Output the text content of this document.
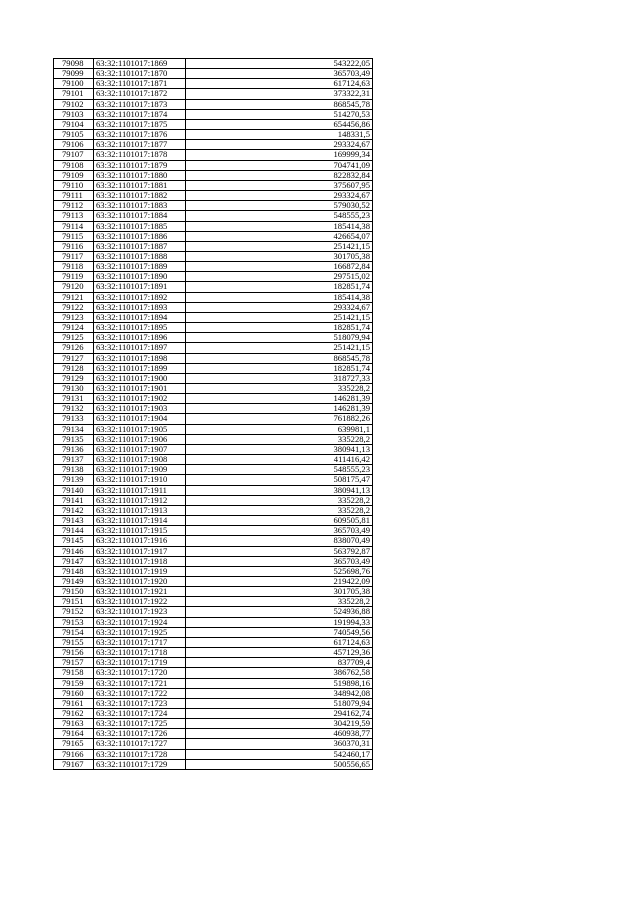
79098	63:32:1101017:1869	543222,05
79099	63:32:1101017:1870	365703,49
79100	63:32:1101017:1871	617124,63
79101	63:32:1101017:1872	373322,31
79102	63:32:1101017:1873	868545,78
79103	63:32:1101017:1874	514270,53
79104	63:32:1101017:1875	654456,86
79105	63:32:1101017:1876	148331,5
79106	63:32:1101017:1877	293324,67
79107	63:32:1101017:1878	169999,34
79108	63:32:1101017:1879	704741,09
79109	63:32:1101017:1880	822832,84
79110	63:32:1101017:1881	375607,95
79111	63:32:1101017:1882	293324,67
79112	63:32:1101017:1883	579030,52
79113	63:32:1101017:1884	548555,23
79114	63:32:1101017:1885	185414,38
79115	63:32:1101017:1886	426654,07
79116	63:32:1101017:1887	251421,15
79117	63:32:1101017:1888	301705,38
79118	63:32:1101017:1889	166872,84
79119	63:32:1101017:1890	297515,02
79120	63:32:1101017:1891	182851,74
79121	63:32:1101017:1892	185414,38
79122	63:32:1101017:1893	293324,67
79123	63:32:1101017:1894	251421,15
79124	63:32:1101017:1895	182851,74
79125	63:32:1101017:1896	518079,94
79126	63:32:1101017:1897	251421,15
79127	63:32:1101017:1898	868545,78
79128	63:32:1101017:1899	182851,74
79129	63:32:1101017:1900	318727,33
79130	63:32:1101017:1901	335228,2
79131	63:32:1101017:1902	146281,39
79132	63:32:1101017:1903	146281,39
79133	63:32:1101017:1904	761882,26
79134	63:32:1101017:1905	639981,1
79135	63:32:1101017:1906	335228,2
79136	63:32:1101017:1907	380941,13
79137	63:32:1101017:1908	411416,42
79138	63:32:1101017:1909	548555,23
79139	63:32:1101017:1910	508175,47
79140	63:32:1101017:1911	380941,13
79141	63:32:1101017:1912	335228,2
79142	63:32:1101017:1913	335228,2
79143	63:32:1101017:1914	609505,81
79144	63:32:1101017:1915	365703,49
79145	63:32:1101017:1916	838070,49
79146	63:32:1101017:1917	563792,87
79147	63:32:1101017:1918	365703,49
79148	63:32:1101017:1919	525698,76
79149	63:32:1101017:1920	219422,09
79150	63:32:1101017:1921	301705,38
79151	63:32:1101017:1922	335228,2
79152	63:32:1101017:1923	524936,88
79153	63:32:1101017:1924	191994,33
79154	63:32:1101017:1925	740549,56
79155	63:32:1101017:1717	617124,63
79156	63:32:1101017:1718	457129,36
79157	63:32:1101017:1719	837709,4
79158	63:32:1101017:1720	386762,58
79159	63:32:1101017:1721	519898,16
79160	63:32:1101017:1722	348942,08
79161	63:32:1101017:1723	518079,94
79162	63:32:1101017:1724	294162,74
79163	63:32:1101017:1725	304219,59
79164	63:32:1101017:1726	460938,77
79165	63:32:1101017:1727	360370,31
79166	63:32:1101017:1728	542460,17
79167	63:32:1101017:1729	500556,65
